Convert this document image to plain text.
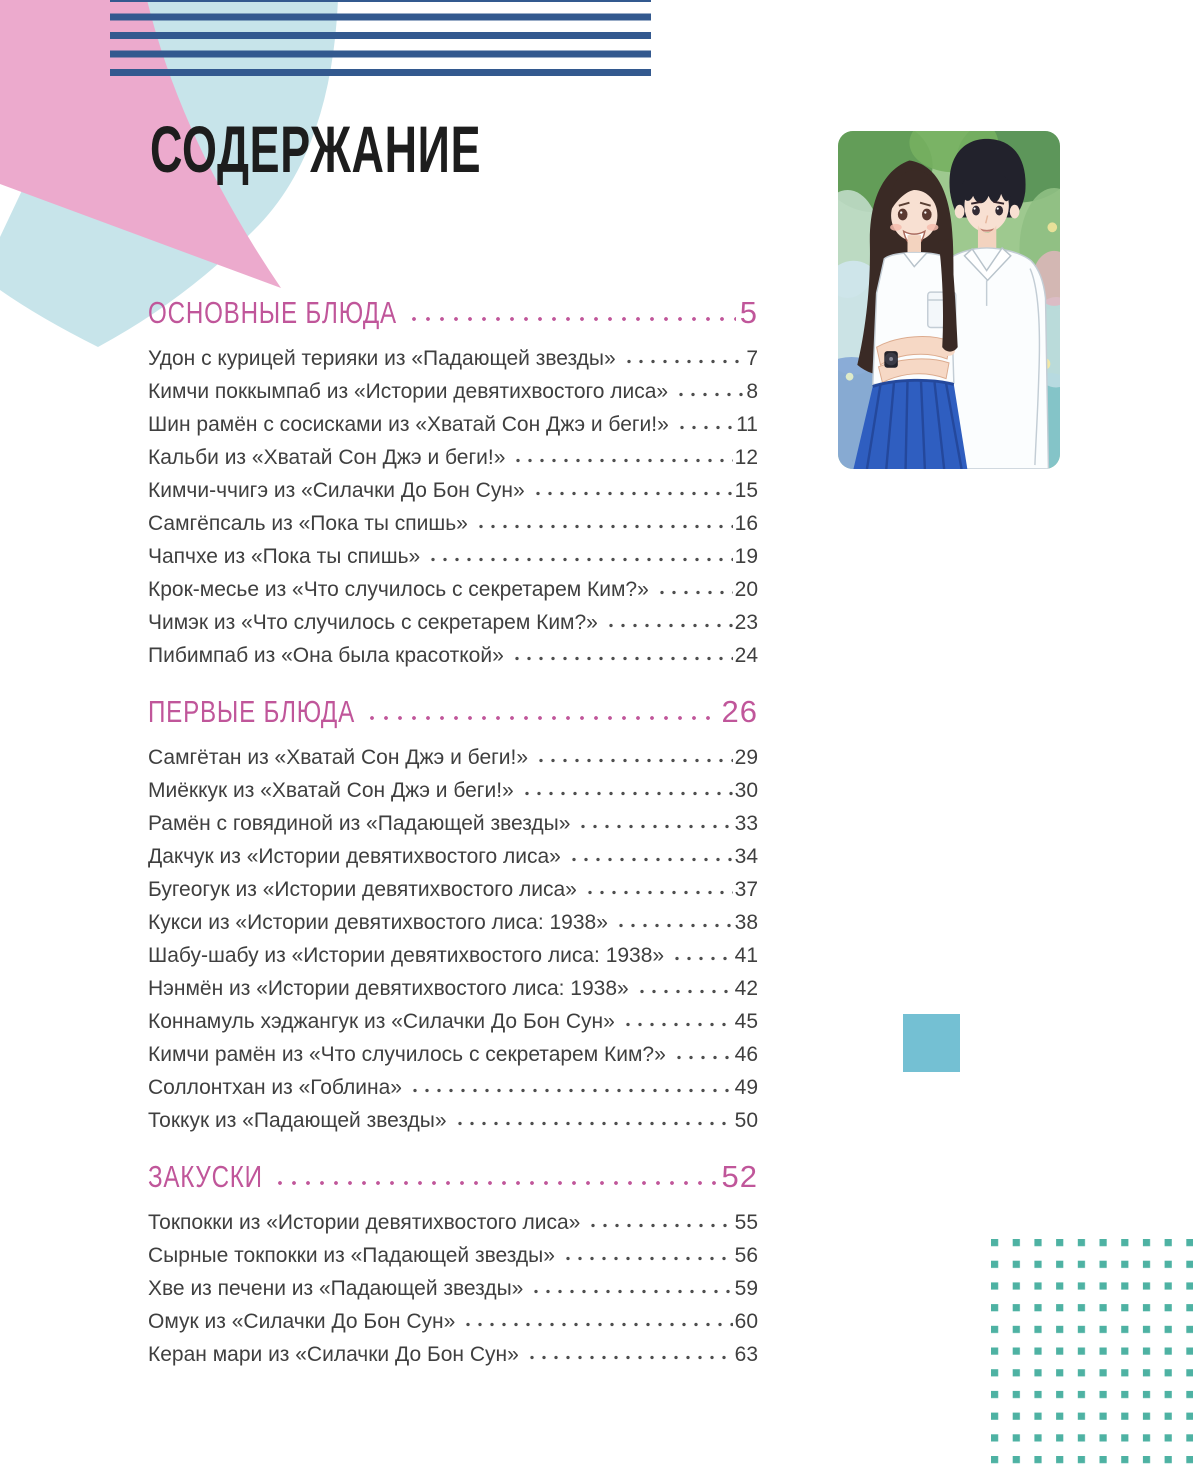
СОДЕРЖАНИЕ
ОСНОВНЫЕ БЛЮДА	5
Удон с курицей терияки из «Падающей звезды»	7
Кимчи поккымпаб из «Истории девятихвостого лиса»	8
Шин рамён с сосисками из «Хватай Сон Джэ и беги!»	11
Кальби из «Хватай Сон Джэ и беги!»	12
Кимчи-ччигэ из «Силачки До Бон Сун»	15
Самгёпсаль из «Пока ты спишь»	16
Чапчхе из «Пока ты спишь»	19
Крок-месье из «Что случилось с секретарем Ким?»	20
Чимэк из «Что случилось с секретарем Ким?»	23
Пибимпаб из «Она была красоткой»	24
ПЕРВЫЕ БЛЮДА	26
Самгётан из «Хватай Сон Джэ и беги!»	29
Миёккук из «Хватай Сон Джэ и беги!»	30
Рамён с говядиной из «Падающей звезды»	33
Дакчук из «Истории девятихвостого лиса»	34
Бугеогук из «Истории девятихвостого лиса»	37
Кукси из «Истории девятихвостого лиса: 1938»	38
Шабу-шабу из «Истории девятихвостого лиса: 1938»	41
Нэнмён из «Истории девятихвостого лиса: 1938»	42
Коннамуль хэджангук из «Силачки До Бон Сун»	45
Кимчи рамён из «Что случилось с секретарем Ким?»	46
Соллонтхан из «Гоблина»	49
Токкук из «Падающей звезды»	50
ЗАКУСКИ	52
Токпокки из «Истории девятихвостого лиса»	55
Сырные токпокки из «Падающей звезды»	56
Хве из печени из «Падающей звезды»	59
Омук из «Силачки До Бон Сун»	60
Керан мари из «Силачки До Бон Сун»	63
